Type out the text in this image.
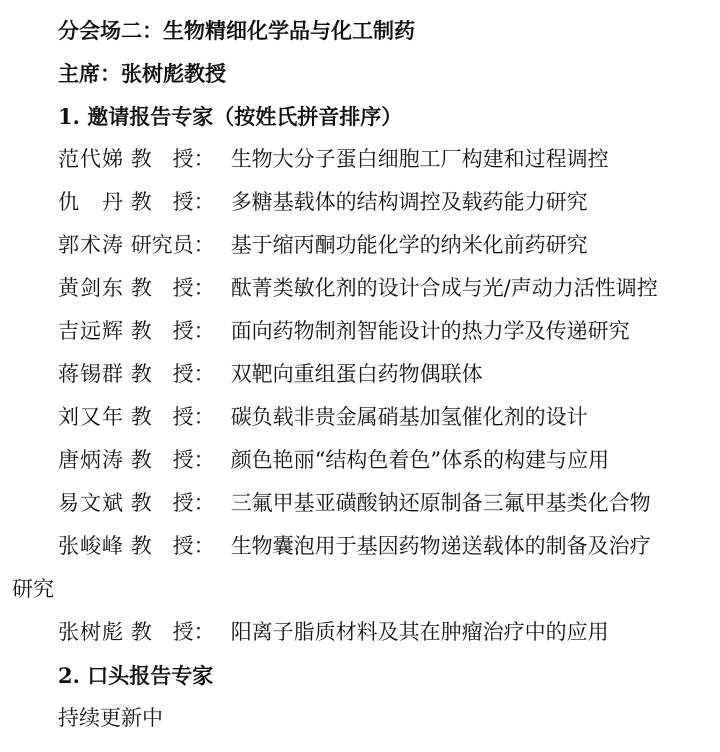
分会场二：生物精细化学品与化工制药
主席：张树彪教授
1. 邀请报告专家（按姓氏拼音排序）
范代娣 教　授： 生物大分子蛋白细胞工厂构建和过程调控
仇　丹 教　授： 多糖基载体的结构调控及载药能力研究
郭术涛 研究员： 基于缩丙酮功能化学的纳米化前药研究
黄剑东 教　授： 酞菁类敏化剂的设计合成与光/声动力活性调控
吉远辉 教　授： 面向药物制剂智能设计的热力学及传递研究
蒋锡群 教　授： 双靶向重组蛋白药物偶联体
刘又年 教　授： 碳负载非贵金属硝基加氢催化剂的设计
唐炳涛 教　授： 颜色艳丽“结构色着色”体系的构建与应用
易文斌 教　授： 三氟甲基亚磺酸钠还原制备三氟甲基类化合物
张峻峰 教　授： 生物囊泡用于基因药物递送载体的制备及治疗
研究
张树彪 教　授： 阳离子脂质材料及其在肿瘤治疗中的应用
2. 口头报告专家
持续更新中
